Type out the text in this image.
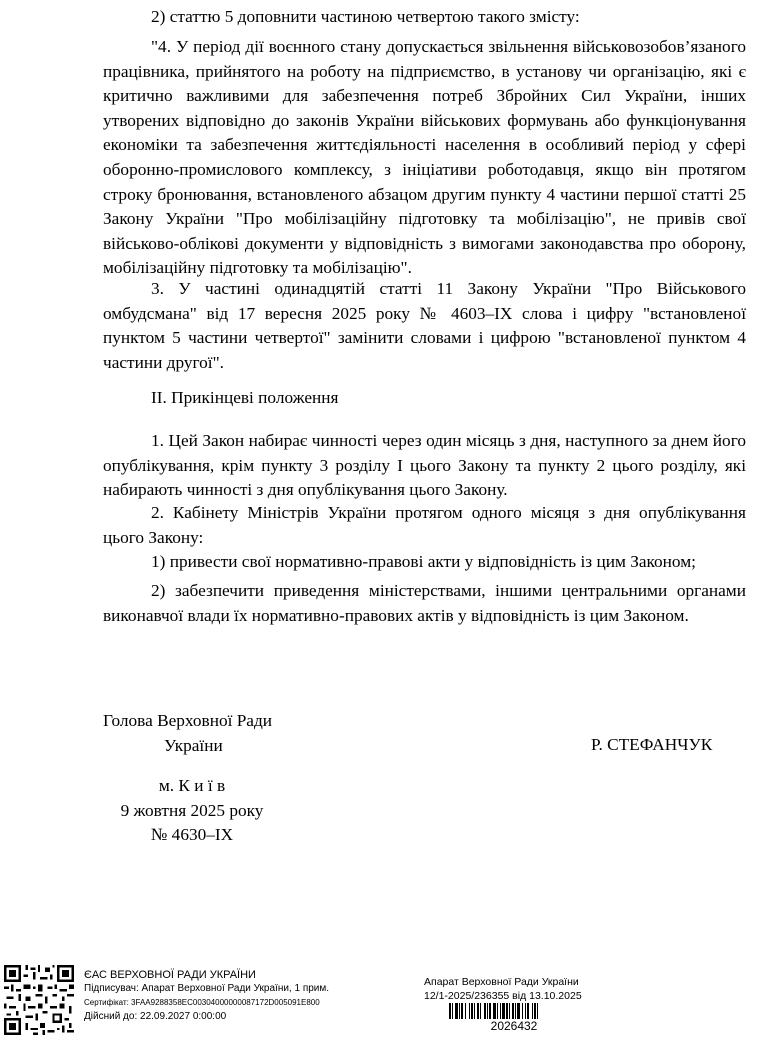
2) статтю 5 доповнити частиною четвертою такого змісту:

"4. У період дії воєнного стану допускається звільнення військовозобов’язаного працівника, прийнятого на роботу на підприємство, в установу чи організацію, які є критично важливими для забезпечення потреб Збройних Сил України, інших утворених відповідно до законів України військових формувань або функціонування економіки та забезпечення життєдіяльності населення в особливий період у сфері оборонно-промислового комплексу, з ініціативи роботодавця, якщо він протягом строку бронювання, встановленого абзацом другим пункту 4 частини першої статті 25 Закону України "Про мобілізаційну підготовку та мобілізацію", не привів свої військово-облікові документи у відповідність з вимогами законодавства про оборону, мобілізаційну підготовку та мобілізацію".

3. У частині одинадцятій статті 11 Закону України "Про Військового омбудсмана" від 17 вересня 2025 року № 4603–IX слова і цифру "встановленої пунктом 5 частини четвертої" замінити словами і цифрою "встановленої пунктом 4 частини другої".

ІІ. Прикінцеві положення

1. Цей Закон набирає чинності через один місяць з дня, наступного за днем його опублікування, крім пункту 3 розділу І цього Закону та пункту 2 цього розділу, які набирають чинності з дня опублікування цього Закону.

2. Кабінету Міністрів України протягом одного місяця з дня опублікування цього Закону:

1) привести свої нормативно-правові акти у відповідність із цим Законом;

2) забезпечити приведення міністерствами, іншими центральними органами виконавчої влади їх нормативно-правових актів у відповідність із цим Законом.

Голова Верховної Ради
України	Р. СТЕФАНЧУК
м. К и ї в
9 жовтня 2025 року
№ 4630–IX
ЄАС ВЕРХОВНОЇ РАДИ УКРАЇНИ
Підписувач: Апарат Верховної Ради України, 1 прим.
Сертифікат: 3FAA9288358EC00304000000087172D005091E800
Дійсний до: 22.09.2027 0:00:00
Апарат Верховної Ради України
12/1-2025/236355 від 13.10.2025
2026432
